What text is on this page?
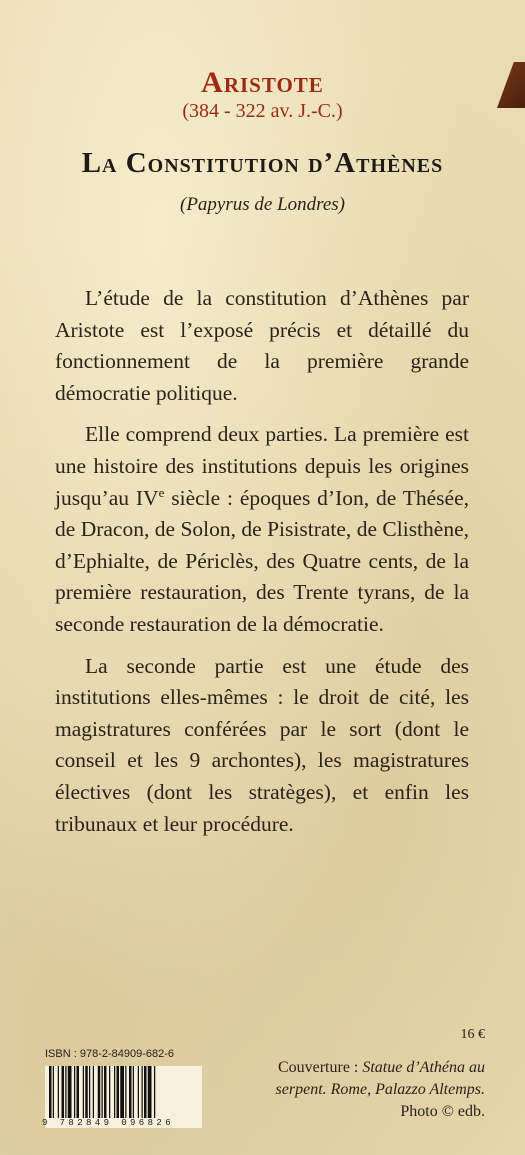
Aristote
(384 - 322 av. J.-C.)
La Constitution d’Athènes
(Papyrus de Londres)

L’étude de la constitution d’Athènes par Aristote est l’exposé précis et détaillé du fonctionnement de la première grande démocratie politique.

Elle comprend deux parties. La première est une histoire des institutions depuis les origines jusqu’au IVe siècle : époques d’Ion, de Thésée, de Dracon, de Solon, de Pisistrate, de Clisthène, d’Ephialte, de Périclès, des Quatre cents, de la première restauration, des Trente tyrans, de la seconde restauration de la démocratie.

La seconde partie est une étude des institutions elles-mêmes : le droit de cité, les magistratures conférées par le sort (dont le conseil et les 9 archontes), les magistratures électives (dont les stratèges), et enfin les tribunaux et leur procédure.

16 €
ISBN : 978-2-84909-682-6
9 782849 096826
Couverture : Statue d’Athéna au serpent. Rome, Palazzo Altemps.
Photo © edb.
